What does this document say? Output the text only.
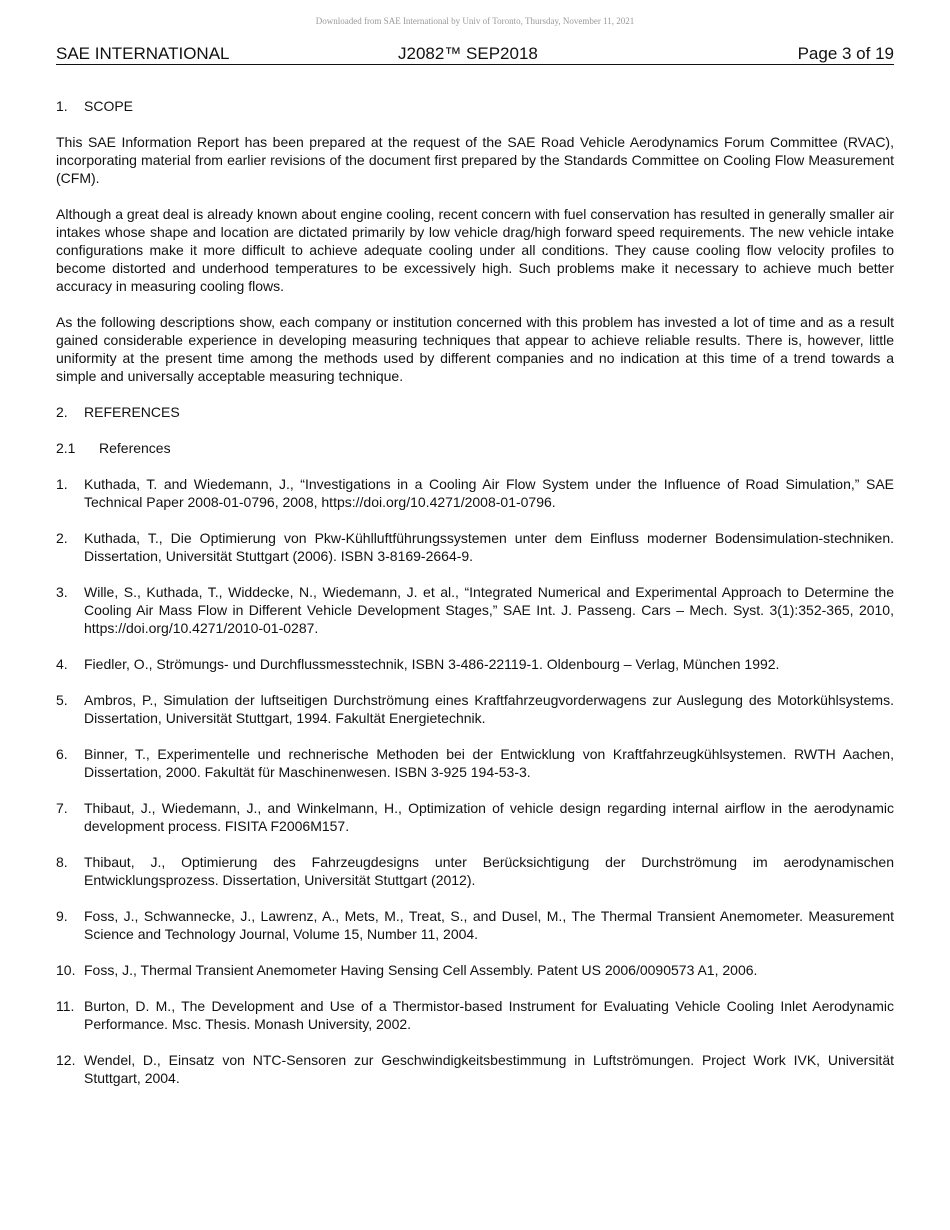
Downloaded from SAE International by Univ of Toronto, Thursday, November 11, 2021
SAE INTERNATIONAL	J2082™ SEP2018	Page 3 of 19
1.	SCOPE

This SAE Information Report has been prepared at the request of the SAE Road Vehicle Aerodynamics Forum Committee (RVAC), incorporating material from earlier revisions of the document first prepared by the Standards Committee on Cooling Flow Measurement (CFM).

Although a great deal is already known about engine cooling, recent concern with fuel conservation has resulted in generally smaller air intakes whose shape and location are dictated primarily by low vehicle drag/high forward speed requirements. The new vehicle intake configurations make it more difficult to achieve adequate cooling under all conditions. They cause cooling flow velocity profiles to become distorted and underhood temperatures to be excessively high. Such problems make it necessary to achieve much better accuracy in measuring cooling flows.

As the following descriptions show, each company or institution concerned with this problem has invested a lot of time and as a result gained considerable experience in developing measuring techniques that appear to achieve reliable results. There is, however, little uniformity at the present time among the methods used by different companies and no indication at this time of a trend towards a simple and universally acceptable measuring technique.

2.	REFERENCES
2.1	References
1.	Kuthada, T. and Wiedemann, J., “Investigations in a Cooling Air Flow System under the Influence of Road Simulation,” SAE Technical Paper 2008-01-0796, 2008, https://doi.org/10.4271/2008-01-0796.
2.	Kuthada, T., Die Optimierung von Pkw-Kühlluftführungssystemen unter dem Einfluss moderner Bodensimulation-stechniken. Dissertation, Universität Stuttgart (2006). ISBN 3-8169-2664-9.
3.	Wille, S., Kuthada, T., Widdecke, N., Wiedemann, J. et al., “Integrated Numerical and Experimental Approach to Determine the Cooling Air Mass Flow in Different Vehicle Development Stages,” SAE Int. J. Passeng. Cars – Mech. Syst. 3(1):352-365, 2010, https://doi.org/10.4271/2010-01-0287.
4.	Fiedler, O., Strömungs- und Durchflussmesstechnik, ISBN 3-486-22119-1. Oldenbourg – Verlag, München 1992.
5.	Ambros, P., Simulation der luftseitigen Durchströmung eines Kraftfahrzeugvorderwagens zur Auslegung des Motorkühlsystems. Dissertation, Universität Stuttgart, 1994. Fakultät Energietechnik.
6.	Binner, T., Experimentelle und rechnerische Methoden bei der Entwicklung von Kraftfahrzeugkühlsystemen. RWTH Aachen, Dissertation, 2000. Fakultät für Maschinenwesen. ISBN 3-925 194-53-3.
7.	Thibaut, J., Wiedemann, J., and Winkelmann, H., Optimization of vehicle design regarding internal airflow in the aerodynamic development process. FISITA F2006M157.
8.	Thibaut, J., Optimierung des Fahrzeugdesigns unter Berücksichtigung der Durchströmung im aerodynamischen Entwicklungsprozess. Dissertation, Universität Stuttgart (2012).
9.	Foss, J., Schwannecke, J., Lawrenz, A., Mets, M., Treat, S., and Dusel, M., The Thermal Transient Anemometer. Measurement Science and Technology Journal, Volume 15, Number 11, 2004.
10. Foss, J., Thermal Transient Anemometer Having Sensing Cell Assembly. Patent US 2006/0090573 A1, 2006.
11. Burton, D. M., The Development and Use of a Thermistor-based Instrument for Evaluating Vehicle Cooling Inlet Aerodynamic Performance. Msc. Thesis. Monash University, 2002.
12. Wendel, D., Einsatz von NTC-Sensoren zur Geschwindigkeitsbestimmung in Luftströmungen. Project Work IVK, Universität Stuttgart, 2004.
